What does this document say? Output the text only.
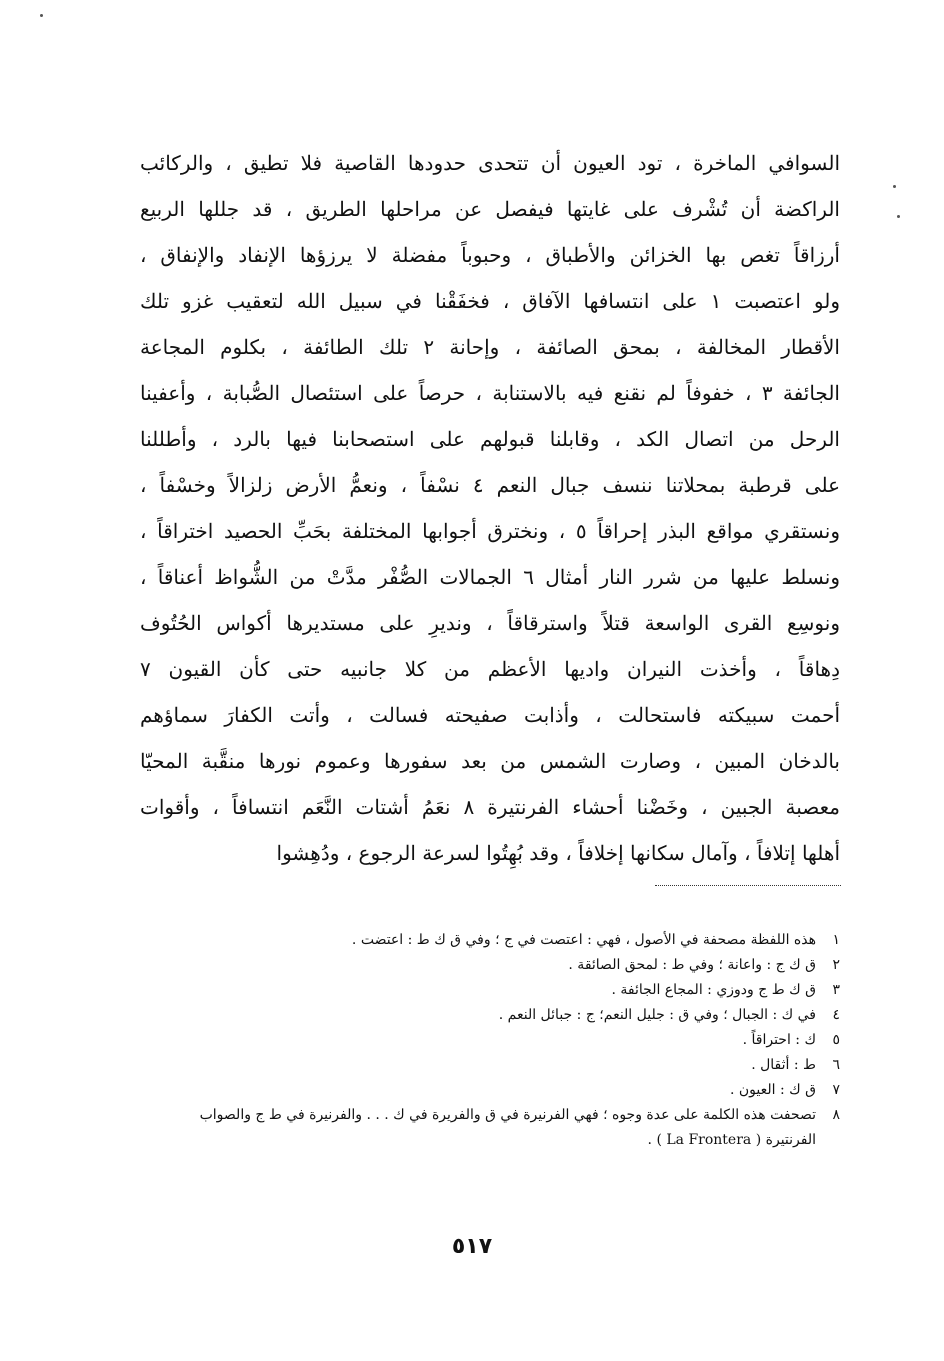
السوافي الماخرة ، تود العيون أن تتحدى حدودها القاصية فلا تطيق ، والركائب
الراكضة أن تُشْرف على غايتها فيفصل عن مراحلها الطريق ، قد جللها الربيع
أرزاقاً تغص بها الخزائن والأطباق ، وحبوباً مفضلة لا يرزؤها الإنفاد والإنفاق ،
ولو اعتصبت ١ على انتسافها الآفاق ، فخفَقْنا في سبيل الله لتعقيب غزو تلك
الأقطار المخالفة ، بمحق الصائفة ، وإحانة ٢ تلك الطائفة ، بكلوم المجاعة
الجائفة ٣ ، خفوفاً لم نقنع فيه بالاستنابة ، حرصاً على استئصال الصُّبابة ، وأعفينا
الرحل من اتصال الكد ، وقابلنا قبولهم على استصحابنا فيها بالرد ، وأطللنا
على قرطبة بمحلاتنا ننسف جبال النعم ٤ نسْفاً ، ونعمُّ الأرض زلزالاً وخسْفاً ،
ونستقري مواقع البذر إحراقاً ٥ ، ونخترق أجوابها المختلفة بحَبِّ الحصيد اختراقاً ،
ونسلط عليها من شرر النار أمثال ٦ الجمالات الصُّفْر مدَّتْ من الشُّواظ أعناقاً ،
ونوسِع القرى الواسعة قتلاً واسترقاقاً ، ونديرِ على مستديرها أكواس الحُتُوف
دِهاقاً ، وأخذت النيران واديها الأعظم من كلا جانبيه حتى كأن القيون ٧
أحمت سبيكته فاستحالت ، وأذابت صفيحته فسالت ، وأتت الكفارَ سماؤهم
بالدخان المبين ، وصارت الشمس من بعد سفورها وعموم نورها منقَّبة المحيّا
معصبة الجبين ، وخَضْنا أحشاء الفرنتيرة ٨ نعَمُ أشتات النَّعَم انتسافاً ، وأقوات
أهلها إتلافاً ، وآمال سكانها إخلافاً ، وقد بُهِتُوا لسرعة الرجوع ، ودُهِشوا
١
هذه اللفظة مصحفة في الأصول ، فهي : اعتصت في ج ؛ وفي ق ك ط : اعتضت .
٢
ق ك ج : واعانة ؛ وفي ط : لمحق الصائقة .
٣
ق ك ط ج ودوزي : المجاع الجائفة .
٤
في ك : الجبال ؛ وفي ق : جليل النعم؛ ج : جبائل النعم .
٥
ك : احتراقاً .
٦
ط : أثقال .
٧
ق ك : العيون .
٨
تصحفت هذه الكلمة على عدة وجوه ؛ فهي الفرنيرة في ق والفريرة في ك . . . والفرنيرة في ط ج والصواب الفرنتيرة ( La Frontera ) .
٥١٧
